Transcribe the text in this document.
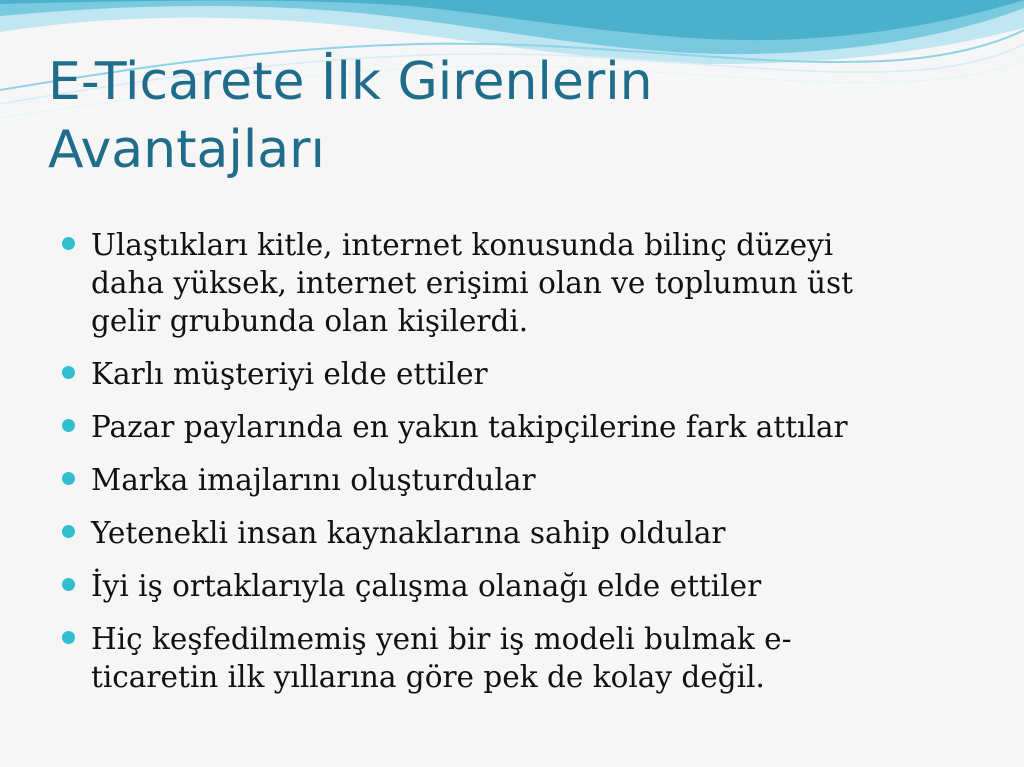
E-Ticarete İlk Girenlerin
Avantajları
Ulaştıkları kitle, internet konusunda bilinç düzeyi
daha yüksek, internet erişimi olan ve toplumun üst
gelir grubunda olan kişilerdi.
Karlı müşteriyi elde ettiler
Pazar paylarında en yakın takipçilerine fark attılar
Marka imajlarını oluşturdular
Yetenekli insan kaynaklarına sahip oldular
İyi iş ortaklarıyla çalışma olanağı elde ettiler
Hiç keşfedilmemiş yeni bir iş modeli bulmak e-
ticaretin ilk yıllarına göre pek de kolay değil.
